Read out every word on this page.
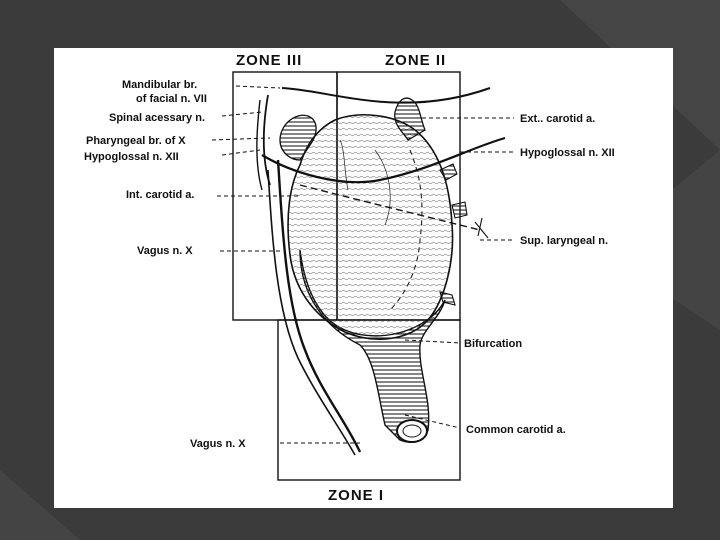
ZONE III	ZONE II
ZONE I
Mandibular br.
of facial n. VII
Spinal acessary n.
Pharyngeal br. of X
Hypoglossal n. XII
Int. carotid a.
Vagus n. X
Vagus n. X
Ext.. carotid a.
Hypoglossal n. XII
Sup. laryngeal n.
Bifurcation
Common carotid a.
